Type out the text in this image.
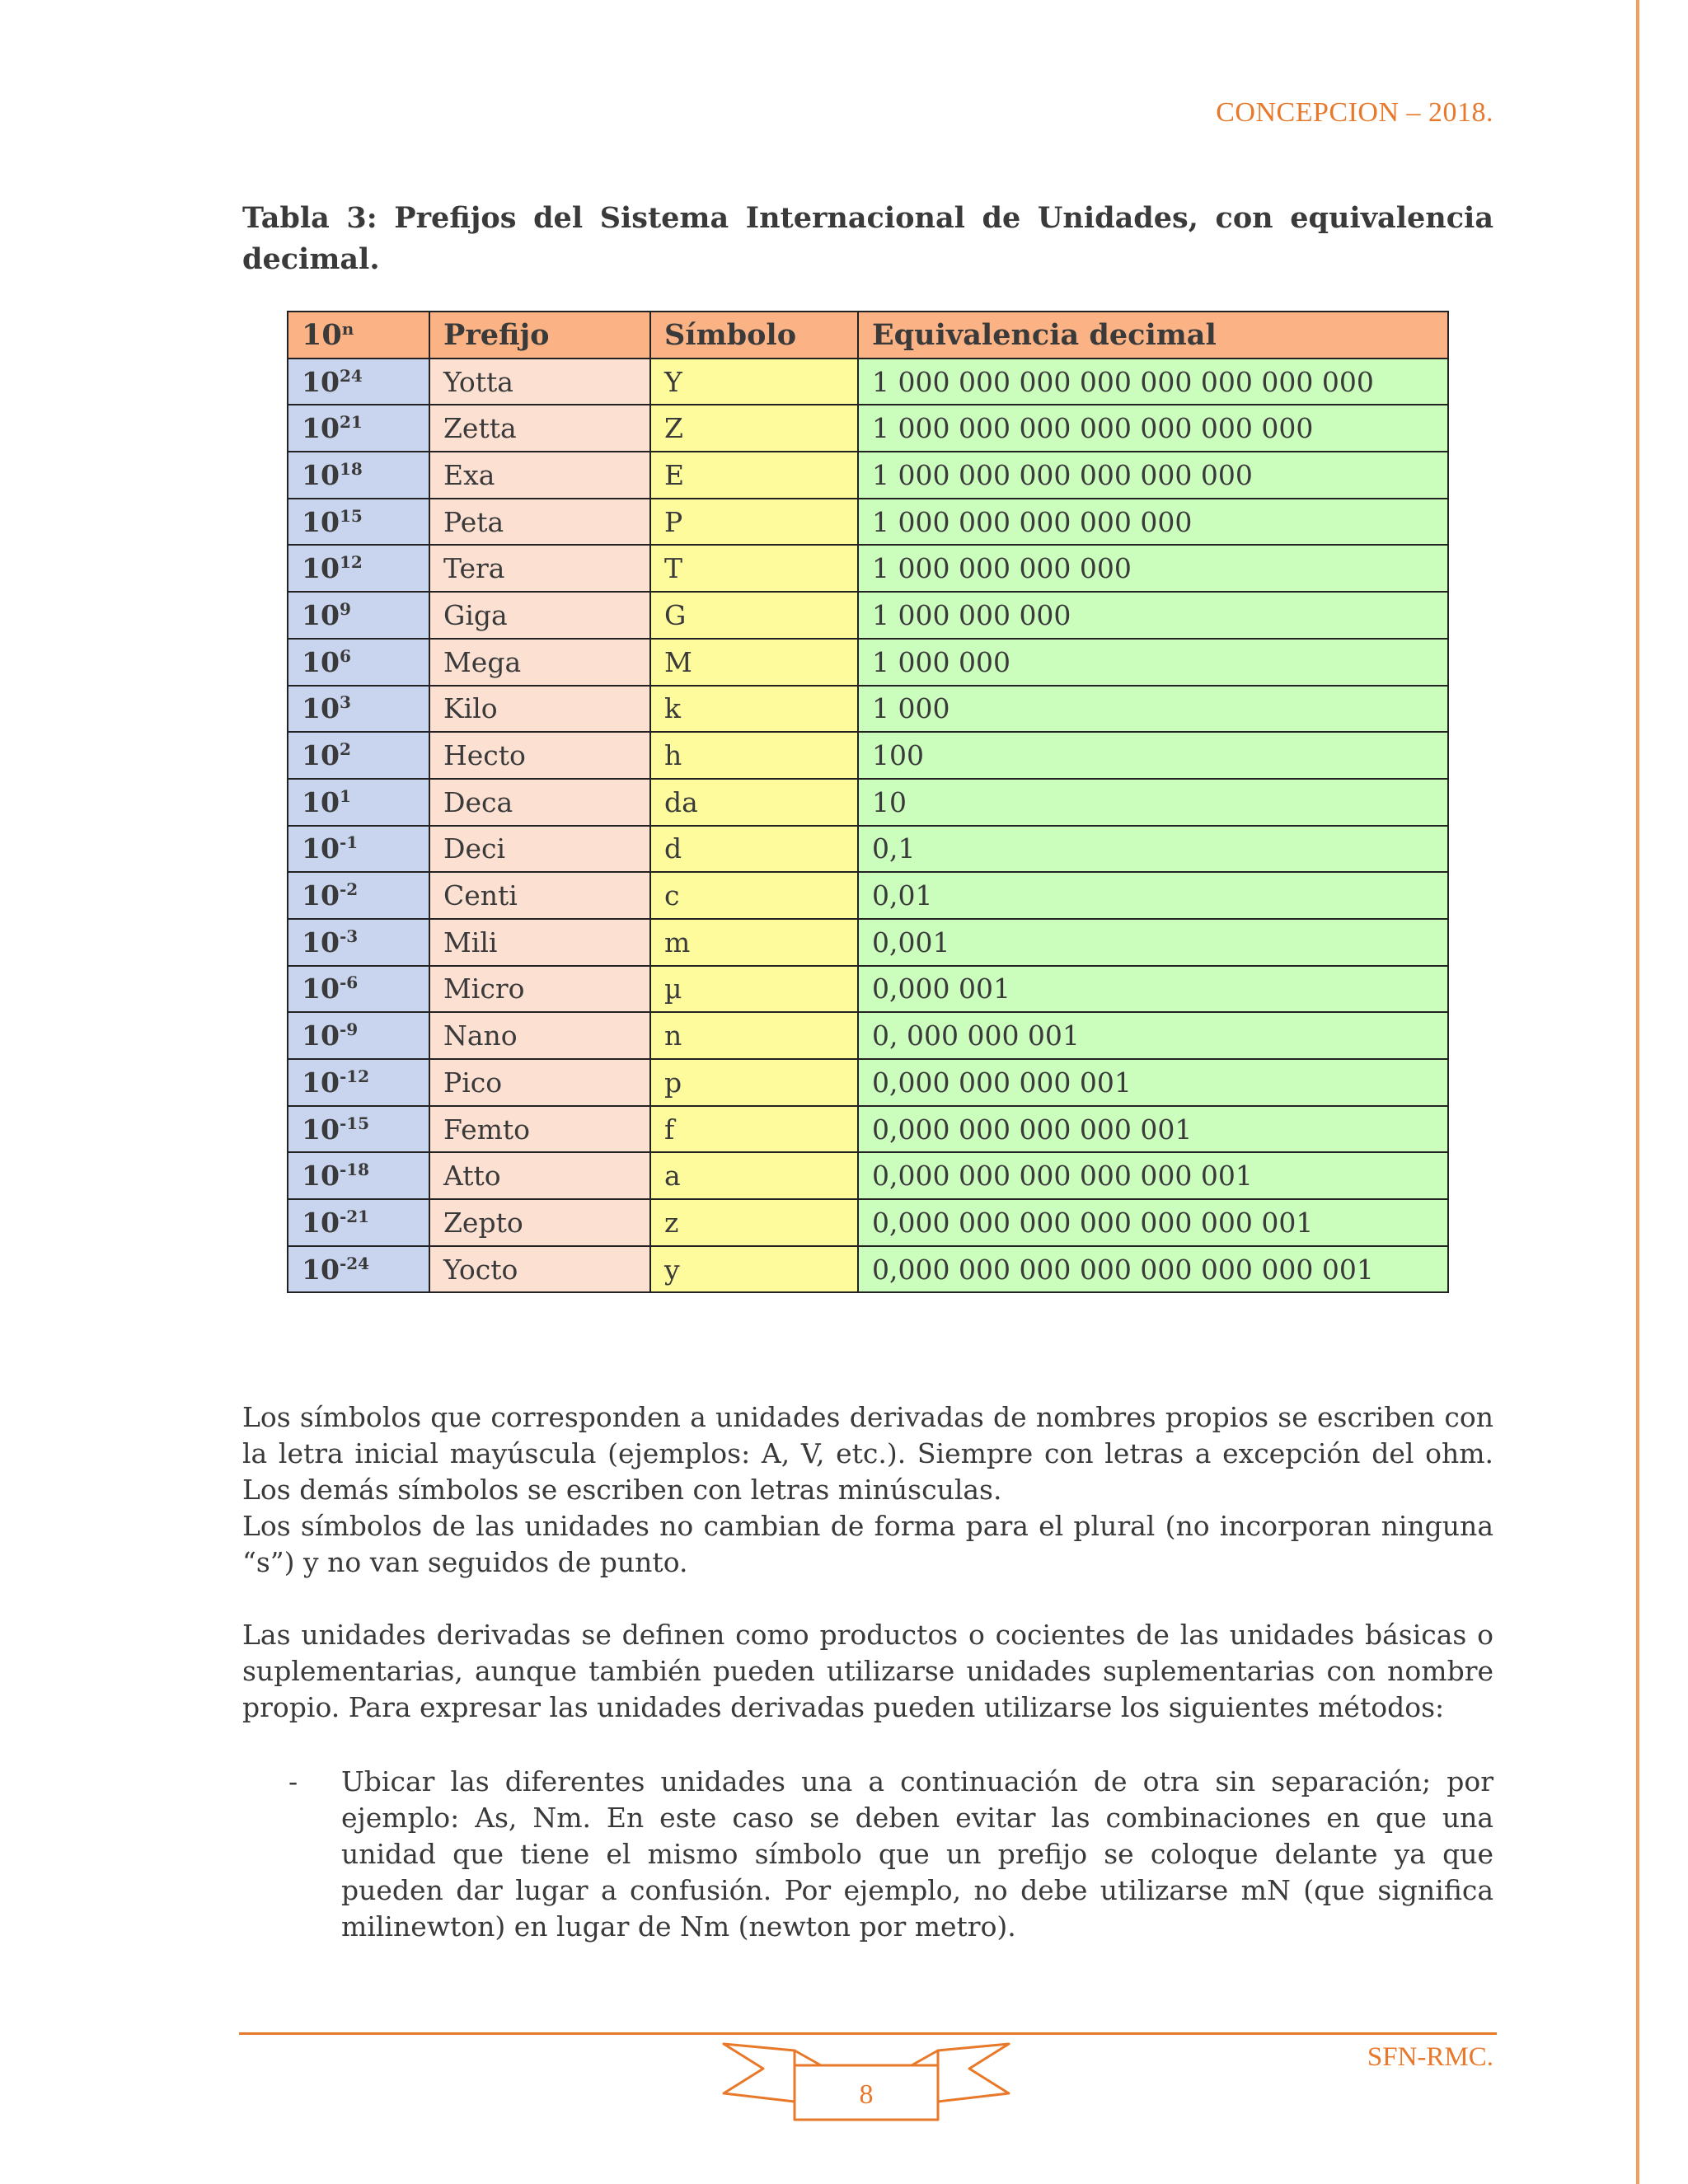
CONCEPCION – 2018.
Tabla 3: Prefijos del Sistema Internacional de Unidades, con equivalencia decimal.
10$^n$	Prefijo	Símbolo	Equivalencia decimal
$10^{24}$	Yotta	Y	1 000 000 000 000 000 000 000 000
$10^{21}$	Zetta	Z	1 000 000 000 000 000 000 000
$10^{18}$	Exa	E	1 000 000 000 000 000 000
$10^{15}$	Peta	P	1 000 000 000 000 000
$10^{12}$	Tera	T	1 000 000 000 000
$10^9$	Giga	G	1 000 000 000
$10^6$	Mega	M	1 000 000
$10^3$	Kilo	k	1 000
$10^2$	Hecto	h	100
$10^1$	Deca	da	10
$10^{-1}$	Deci	d	0,1
$10^{-2}$	Centi	c	0,01
$10^{-3}$	Mili	m	0,001
$10^{-6}$	Micro	µ	0,000 001
$10^{-9}$	Nano	n	0, 000 000 001
$10^{-12}$	Pico	p	0,000 000 000 001
$10^{-15}$	Femto	f	0,000 000 000 000 001
$10^{-18}$	Atto	a	0,000 000 000 000 000 001
$10^{-21}$	Zepto	z	0,000 000 000 000 000 000 001
$10^{-24}$	Yocto	y	0,000 000 000 000 000 000 000 001

Los símbolos que corresponden a unidades derivadas de nombres propios se escriben con la letra inicial mayúscula (ejemplos: A, V, etc.). Siempre con letras a excepción del ohm. Los demás símbolos se escriben con letras minúsculas.

Los símbolos de las unidades no cambian de forma para el plural (no incorporan ninguna “s”) y no van seguidos de punto.

Las unidades derivadas se definen como productos o cocientes de las unidades básicas o suplementarias, aunque también pueden utilizarse unidades suplementarias con nombre propio. Para expresar las unidades derivadas pueden utilizarse los siguientes métodos:

- Ubicar las diferentes unidades una a continuación de otra sin separación; por ejemplo: As, Nm. En este caso se deben evitar las combinaciones en que una unidad que tiene el mismo símbolo que un prefijo se coloque delante ya que pueden dar lugar a confusión. Por ejemplo, no debe utilizarse mN (que significa milinewton) en lugar de Nm (newton por metro).
SFN-RMC.
8
